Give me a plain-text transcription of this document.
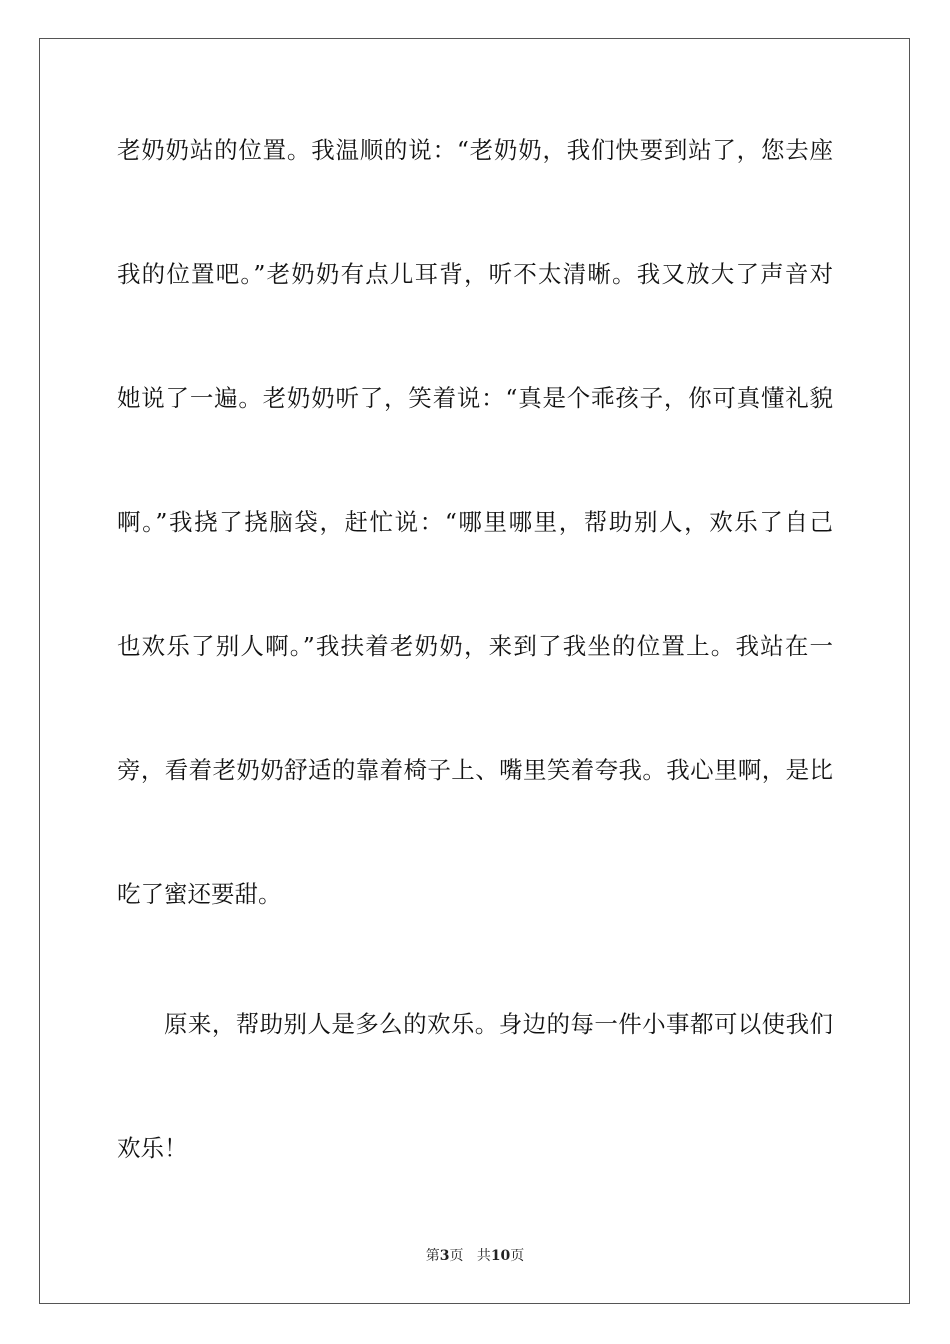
老奶奶站的位置。我温顺的说：“老奶奶，我们快要到站了，您去座
我的位置吧。”老奶奶有点儿耳背，听不太清晰。我又放大了声音对
她说了一遍。老奶奶听了，笑着说：“真是个乖孩子，你可真懂礼貌
啊。”我挠了挠脑袋，赶忙说：“哪里哪里，帮助别人，欢乐了自己
也欢乐了别人啊。”我扶着老奶奶，来到了我坐的位置上。我站在一
旁，看着老奶奶舒适的靠着椅子上、嘴里笑着夸我。我心里啊，是比
吃了蜜还要甜。
原来，帮助别人是多么的欢乐。身边的每一件小事都可以使我们
欢乐！
第3页 共10页
